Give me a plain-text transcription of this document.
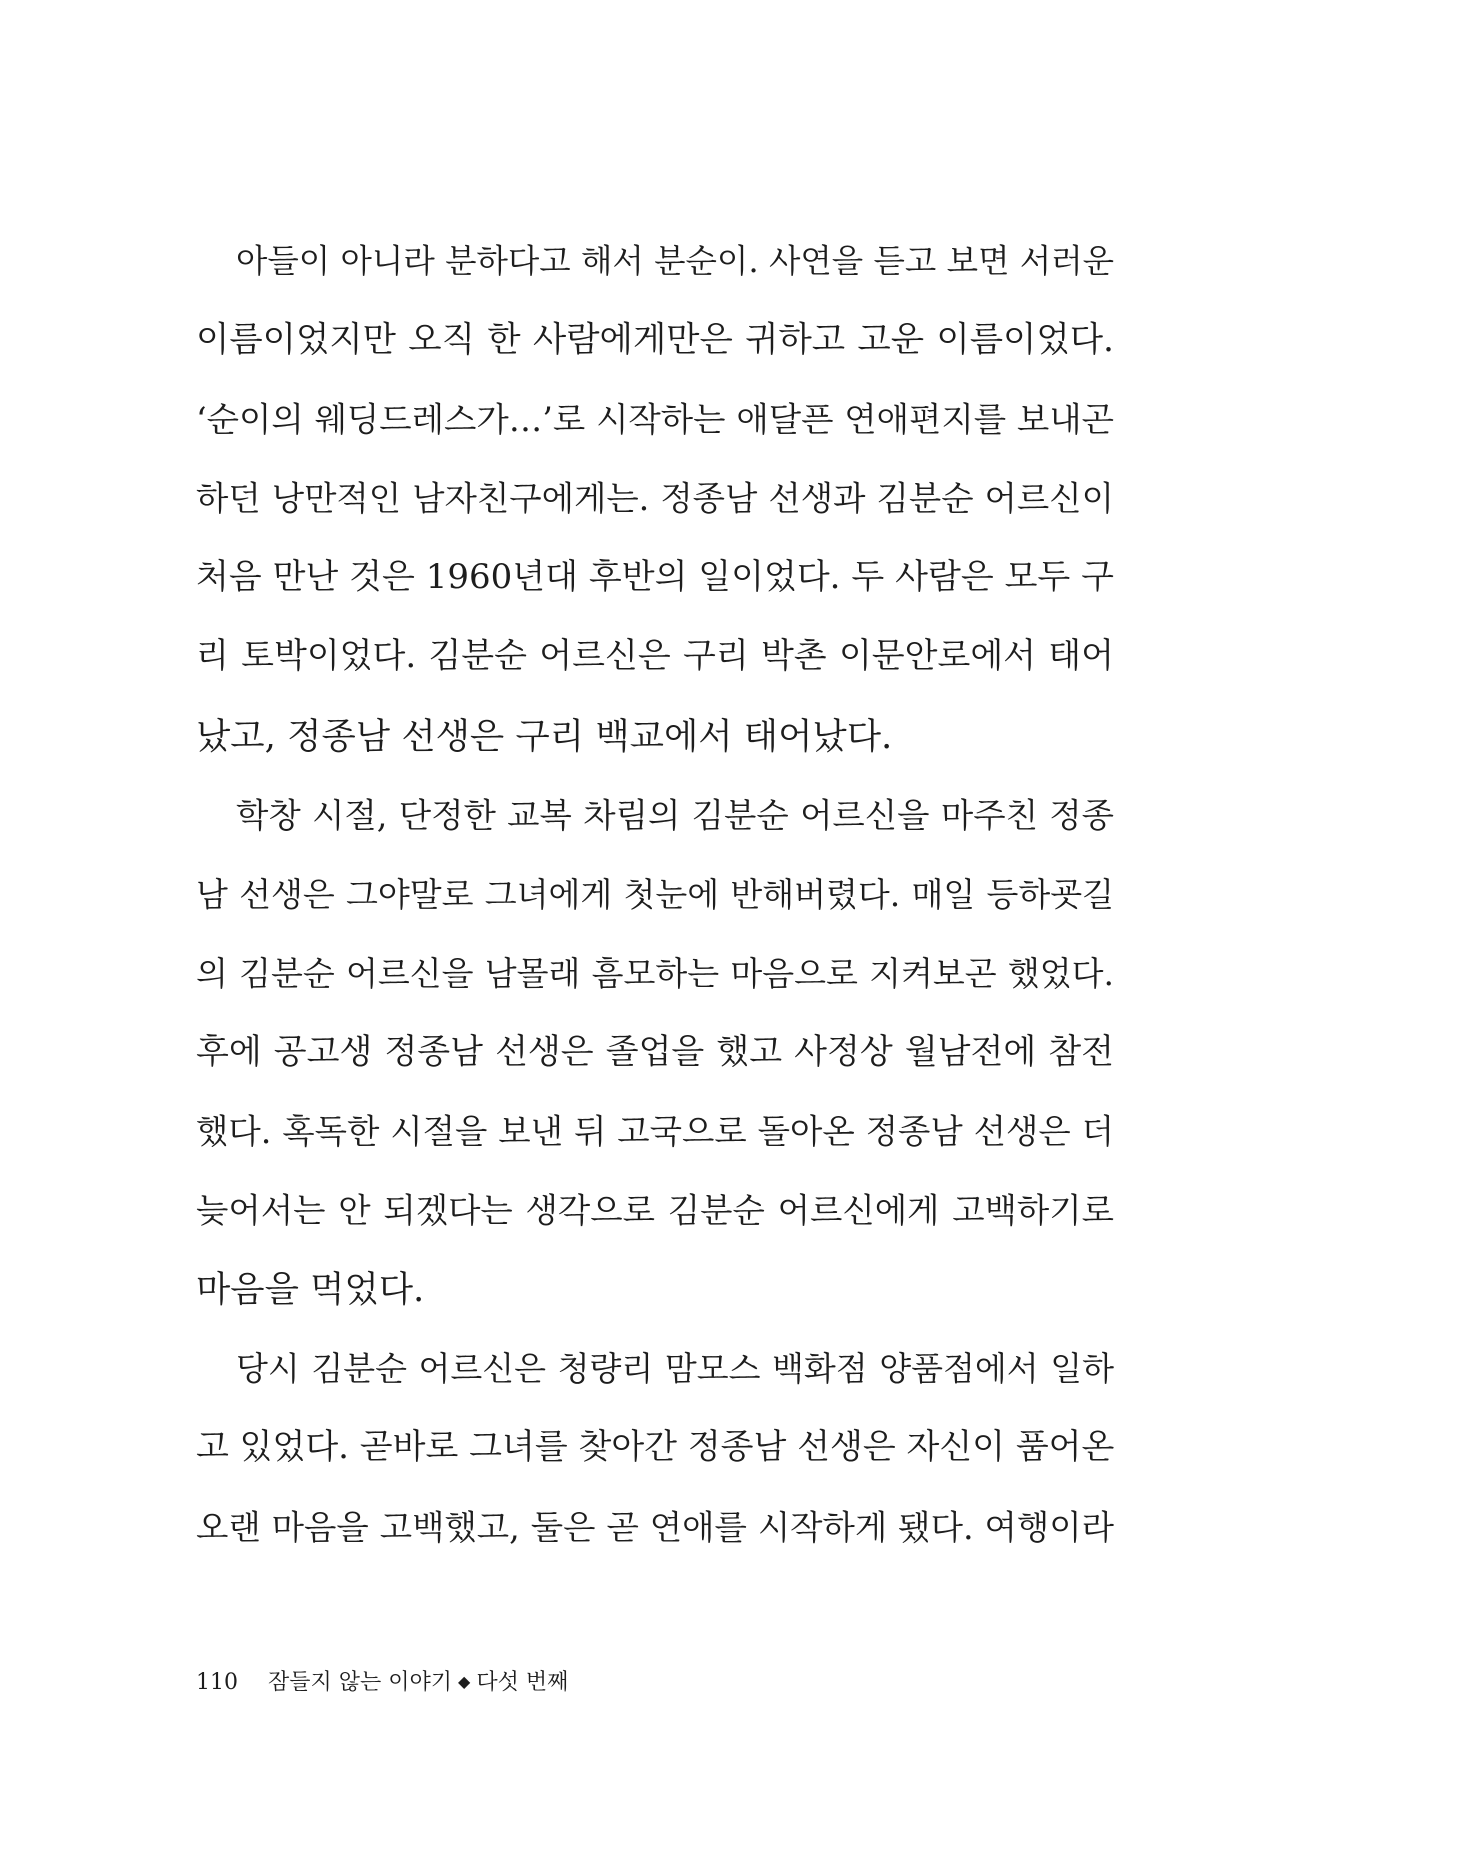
아들이 아니라 분하다고 해서 분순이. 사연을 듣고 보면 서러운
이름이었지만 오직 한 사람에게만은 귀하고 고운 이름이었다.
‘순이의 웨딩드레스가…’로 시작하는 애달픈 연애편지를 보내곤
하던 낭만적인 남자친구에게는. 정종남 선생과 김분순 어르신이
처음 만난 것은 1960년대 후반의 일이었다. 두 사람은 모두 구
리 토박이었다. 김분순 어르신은 구리 박촌 이문안로에서 태어
났고, 정종남 선생은 구리 백교에서 태어났다.
학창 시절, 단정한 교복 차림의 김분순 어르신을 마주친 정종
남 선생은 그야말로 그녀에게 첫눈에 반해버렸다. 매일 등하굣길
의 김분순 어르신을 남몰래 흠모하는 마음으로 지켜보곤 했었다.
후에 공고생 정종남 선생은 졸업을 했고 사정상 월남전에 참전
했다. 혹독한 시절을 보낸 뒤 고국으로 돌아온 정종남 선생은 더
늦어서는 안 되겠다는 생각으로 김분순 어르신에게 고백하기로
마음을 먹었다.
당시 김분순 어르신은 청량리 맘모스 백화점 양품점에서 일하
고 있었다. 곧바로 그녀를 찾아간 정종남 선생은 자신이 품어온
오랜 마음을 고백했고, 둘은 곧 연애를 시작하게 됐다. 여행이라
110 잠들지 않는 이야기 ◆ 다섯 번째
